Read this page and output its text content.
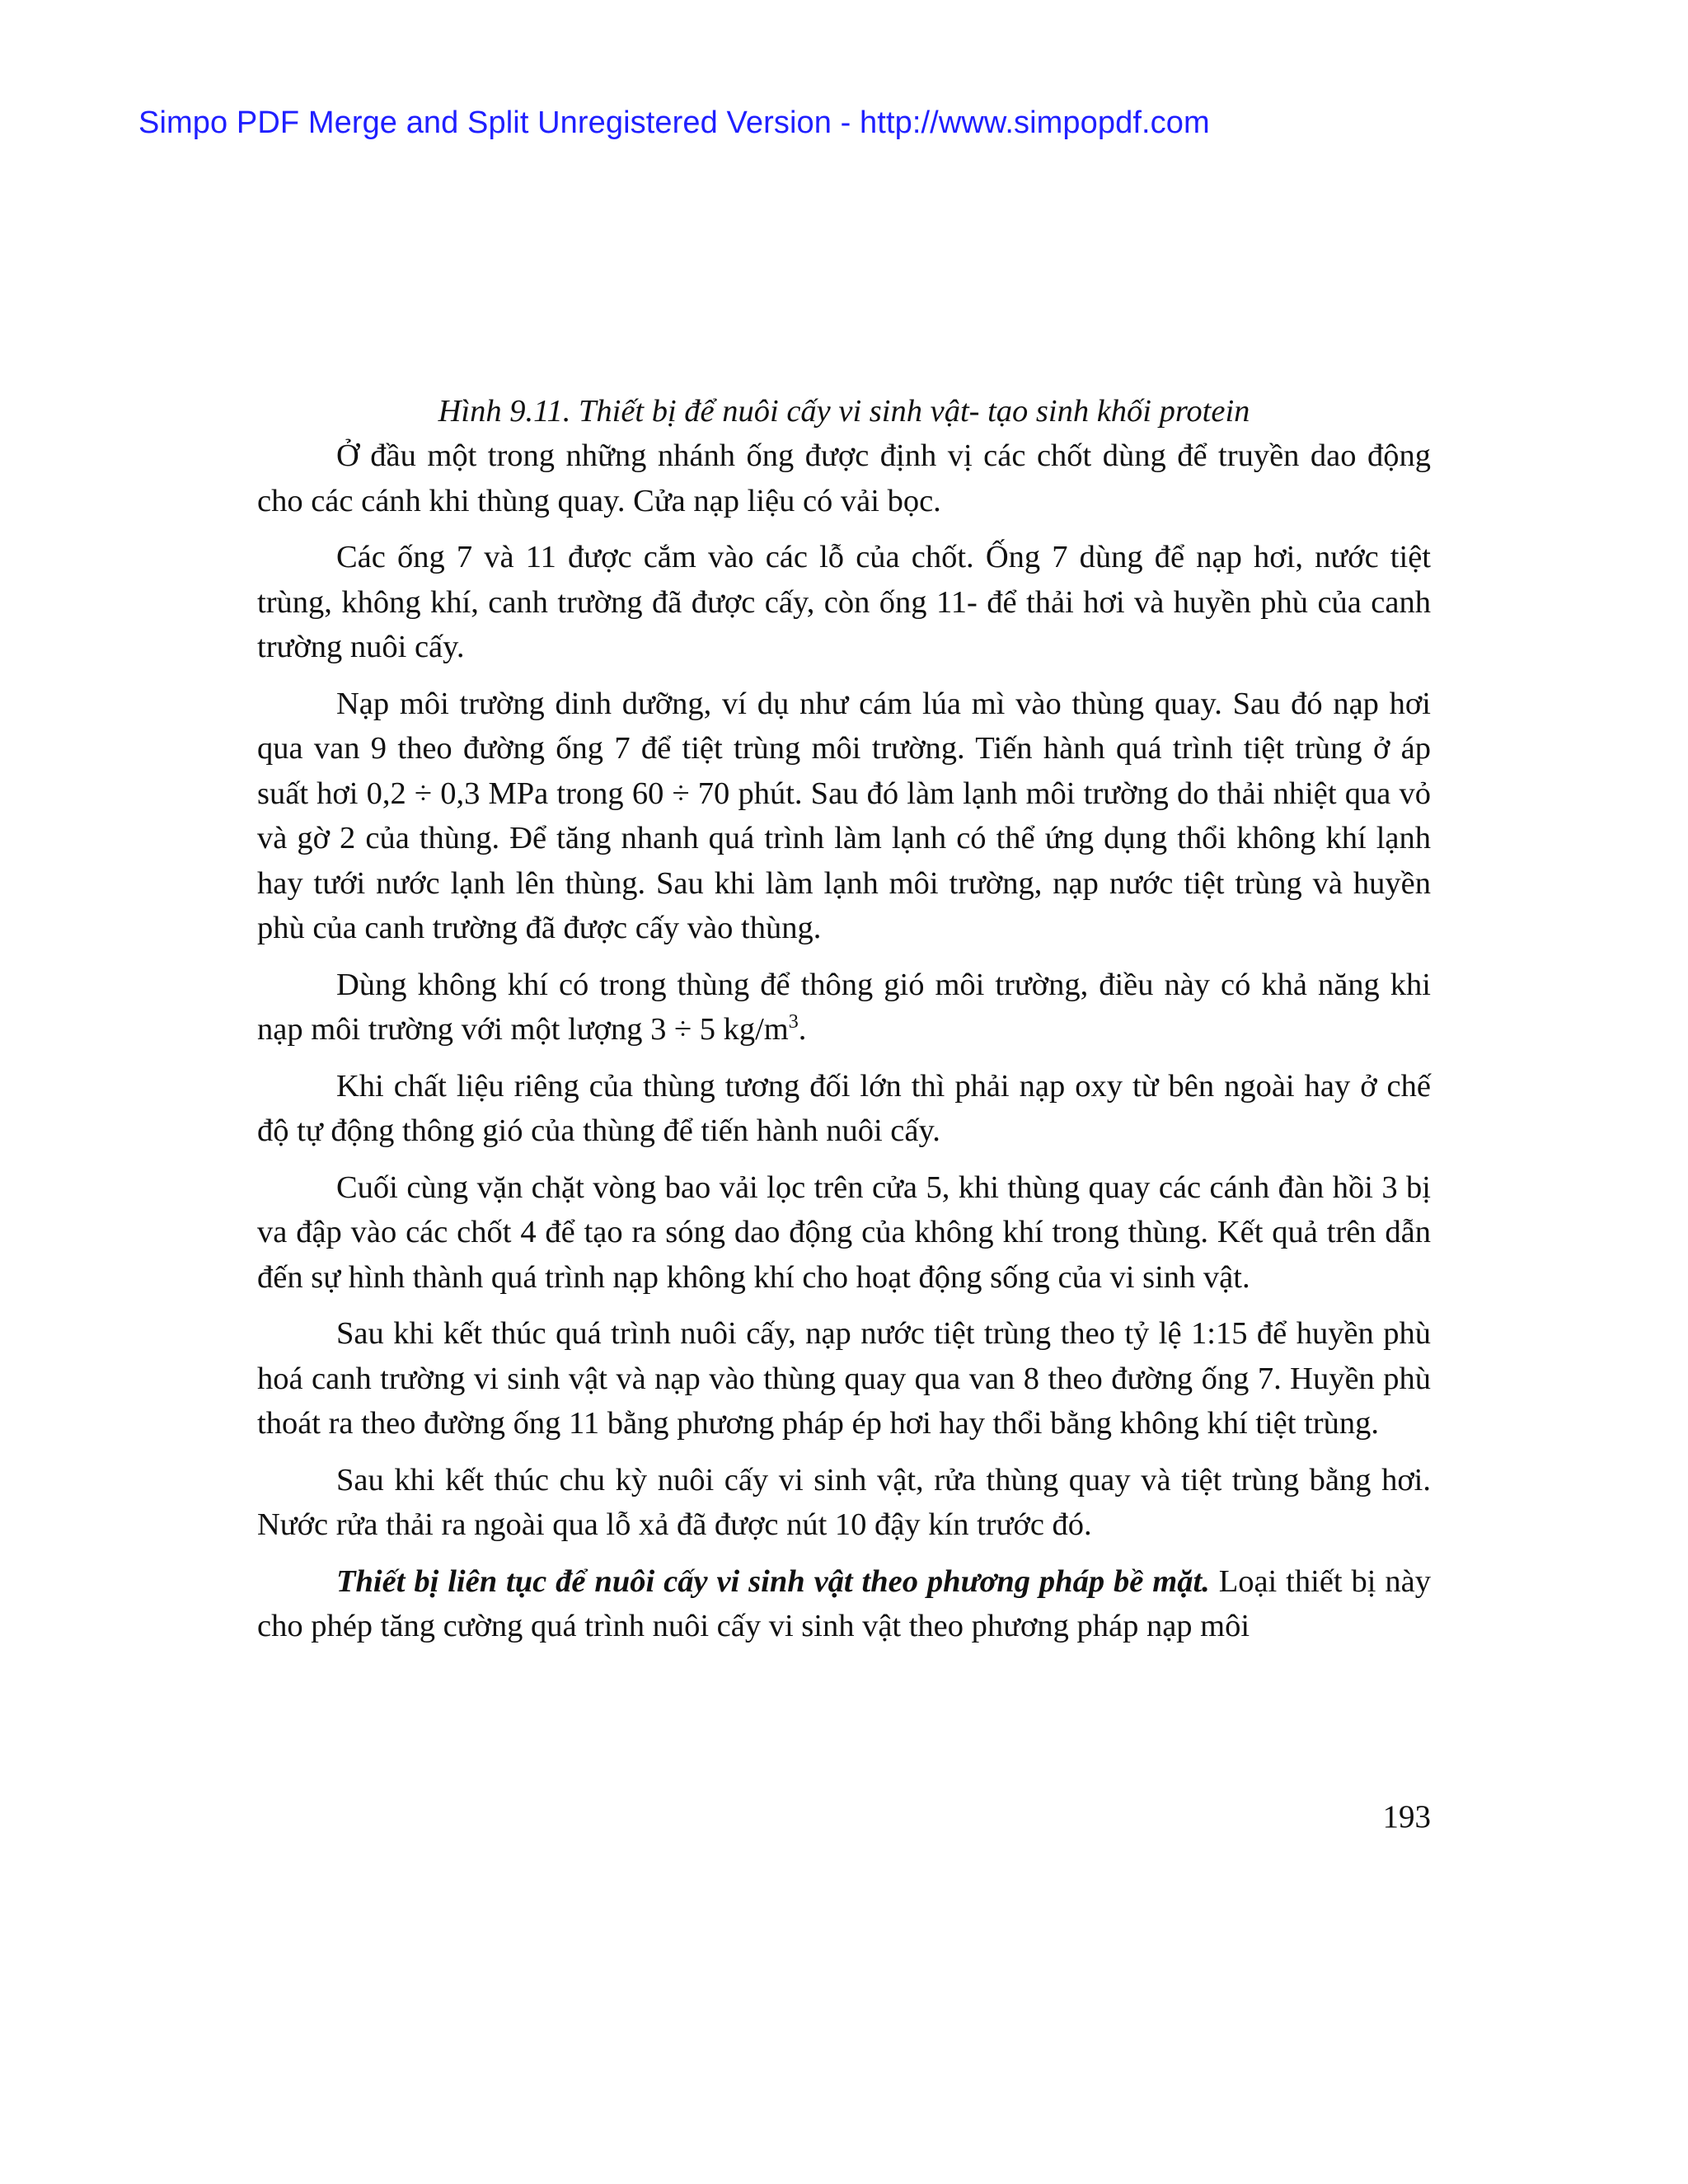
Simpo PDF Merge and Split Unregistered Version - http://www.simpopdf.com

Hình 9.11. Thiết bị để nuôi cấy vi sinh vật- tạo sinh khối protein

Ở đầu một trong những nhánh ống được định vị các chốt dùng để truyền dao động cho các cánh khi thùng quay. Cửa nạp liệu có vải bọc.

Các ống 7 và 11 được cắm vào các lỗ của chốt. Ống 7 dùng để nạp hơi, nước tiệt trùng, không khí, canh trường đã được cấy, còn ống 11- để thải hơi và huyền phù của canh trường nuôi cấy.

Nạp môi trường dinh dưỡng, ví dụ như cám lúa mì vào thùng quay. Sau đó nạp hơi qua van 9 theo đường ống 7 để tiệt trùng môi trường. Tiến hành quá trình tiệt trùng ở áp suất hơi 0,2 ÷ 0,3 MPa trong 60 ÷ 70 phút. Sau đó làm lạnh môi trường do thải nhiệt qua vỏ và gờ 2 của thùng. Để tăng nhanh quá trình làm lạnh có thể ứng dụng thổi không khí lạnh hay tưới nước lạnh lên thùng. Sau khi làm lạnh môi trường, nạp nước tiệt trùng và huyền phù của canh trường đã được cấy vào thùng.

Dùng không khí có trong thùng để thông gió môi trường, điều này có khả năng khi nạp môi trường với một lượng 3 ÷ 5 $kg/m^3$.

Khi chất liệu riêng của thùng tương đối lớn thì phải nạp oxy từ bên ngoài hay ở chế độ tự động thông gió của thùng để tiến hành nuôi cấy.

Cuối cùng vặn chặt vòng bao vải lọc trên cửa 5, khi thùng quay các cánh đàn hồi 3 bị va đập vào các chốt 4 để tạo ra sóng dao động của không khí trong thùng. Kết quả trên dẫn đến sự hình thành quá trình nạp không khí cho hoạt động sống của vi sinh vật.

Sau khi kết thúc quá trình nuôi cấy, nạp nước tiệt trùng theo tỷ lệ 1:15 để huyền phù hoá canh trường vi sinh vật và nạp vào thùng quay qua van 8 theo đường ống 7. Huyền phù thoát ra theo đường ống 11 bằng phương pháp ép hơi hay thổi bằng không khí tiệt trùng.

Sau khi kết thúc chu kỳ nuôi cấy vi sinh vật, rửa thùng quay và tiệt trùng bằng hơi. Nước rửa thải ra ngoài qua lỗ xả đã được nút 10 đậy kín trước đó.

Thiết bị liên tục để nuôi cấy vi sinh vật theo phương pháp bề mặt. Loại thiết bị này cho phép tăng cường quá trình nuôi cấy vi sinh vật theo phương pháp nạp môi

193
